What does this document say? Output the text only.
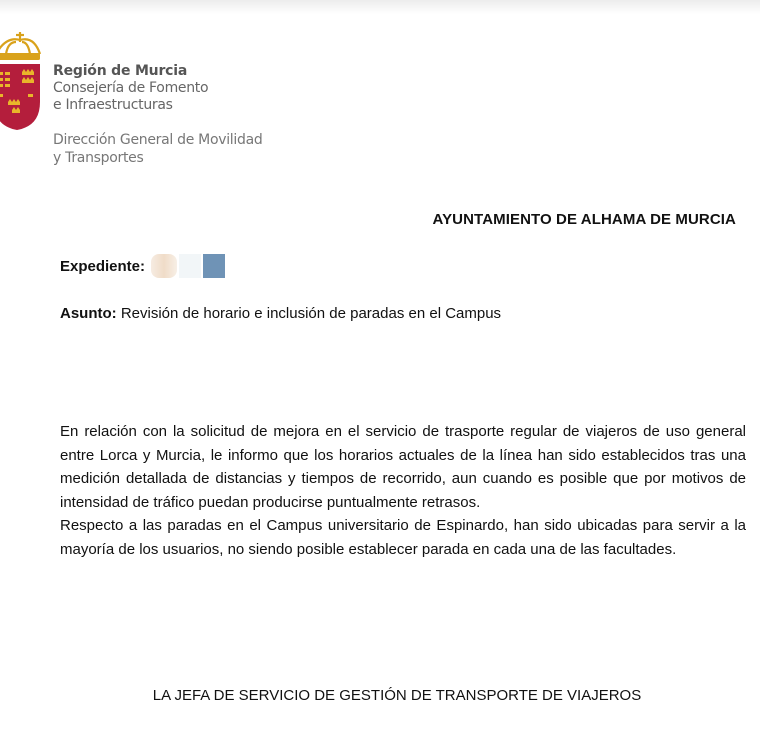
Región de Murcia
Consejería de Fomento
e Infraestructuras
Dirección General de Movilidad
y Transportes
AYUNTAMIENTO DE ALHAMA DE MURCIA
Expediente:
Asunto: Revisión de horario e inclusión de paradas en el Campus
En relación con la solicitud de mejora en el servicio de trasporte regular de viajeros de uso general entre Lorca y Murcia, le informo que los horarios actuales de la línea han sido establecidos tras una medición detallada de distancias y tiempos de recorrido, aun cuando es posible que por motivos de intensidad de tráfico puedan producirse puntualmente retrasos.
Respecto a las paradas en el Campus universitario de Espinardo, han sido ubicadas para servir a la mayoría de los usuarios, no siendo posible establecer parada en cada una de las facultades.
LA JEFA DE SERVICIO DE GESTIÓN DE TRANSPORTE DE VIAJEROS
